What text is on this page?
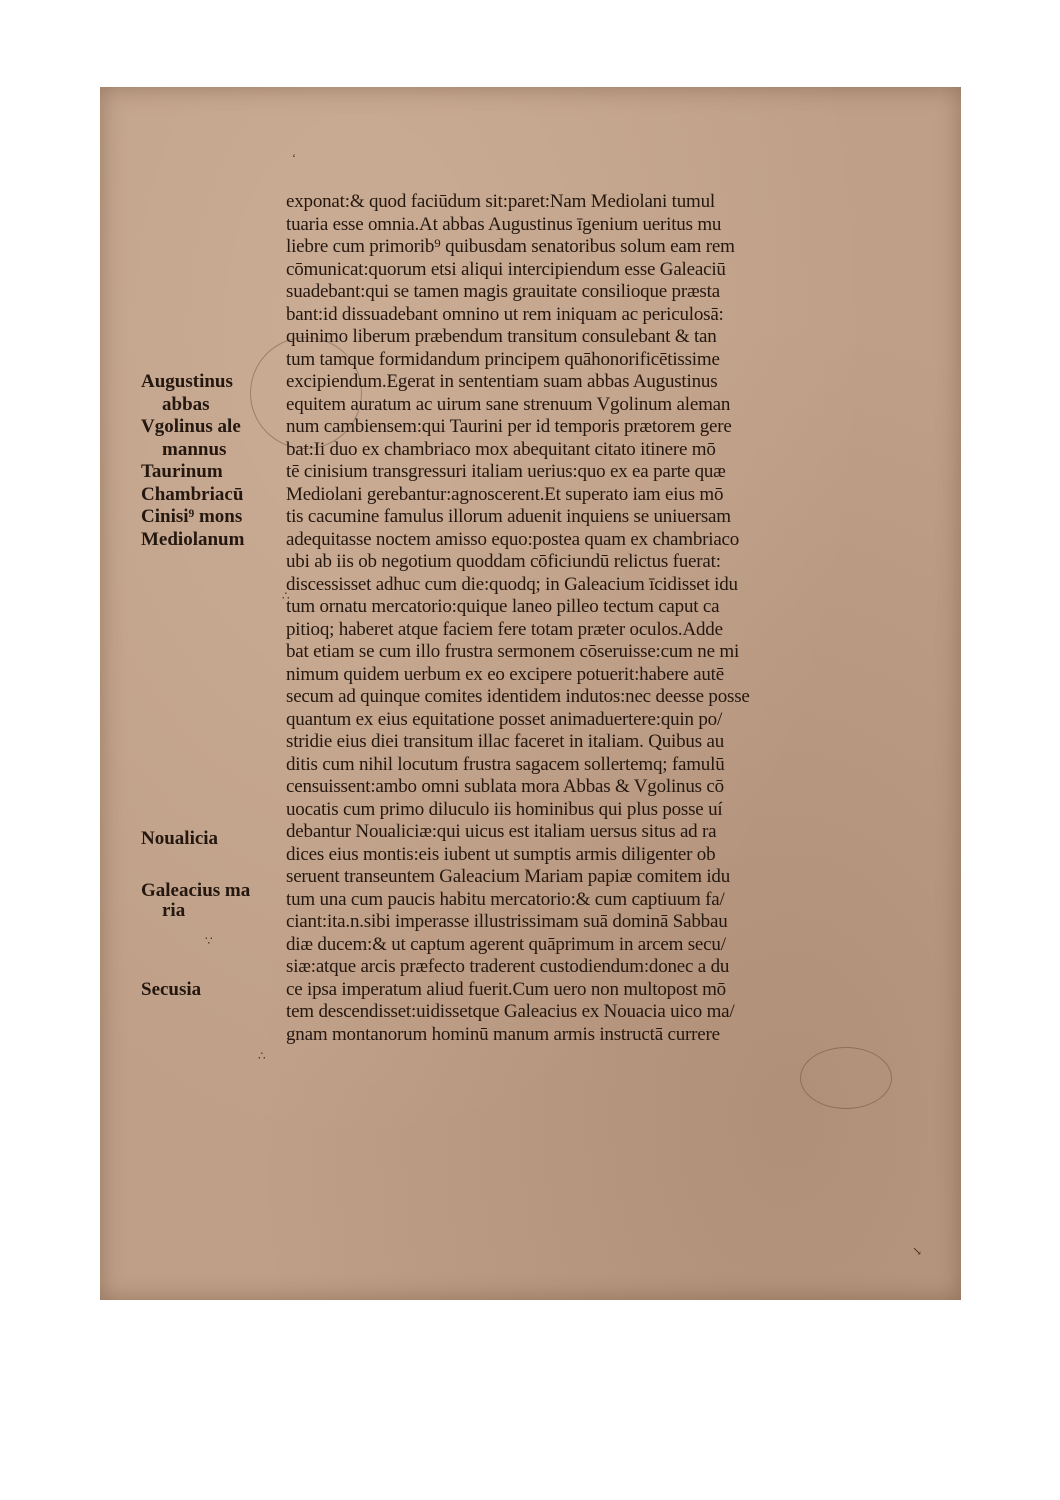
exponat:& quod faciūdum sit:paret:Nam Mediolani tumul
tuaria esse omnia.At abbas Augustinus īgenium ueritus mu
liebre cum primorib⁹ quibusdam senatoribus solum eam rem
cōmunicat:quorum etsi aliqui intercipiendum esse Galeaciū
suadebant:qui se tamen magis grauitate consilioque præsta
bant:id dissuadebant omnino ut rem iniquam ac periculosā:
quinimo liberum præbendum transitum consulebant & tan
tum tamque formidandum principem quāhonorificētissime
excipiendum.Egerat in sententiam suam abbas Augustinus
equitem auratum ac uirum sane strenuum Vgolinum aleman
num cambiensem:qui Taurini per id temporis prætorem gere
bat:Ii duo ex chambriaco mox abequitant citato itinere mō
tē cinisium transgressuri italiam uerius:quo ex ea parte quæ
Mediolani gerebantur:agnoscerent.Et superato iam eius mō
tis cacumine famulus illorum aduenit inquiens se uniuersam
adequitasse noctem amisso equo:postea quam ex chambriaco
ubi ab iis ob negotium quoddam cōficiundū relictus fuerat:
discessisset adhuc cum die:quodq; in Galeacium īcidisset idu
tum ornatu mercatorio:quique laneo pilleo tectum caput ca
pitioq; haberet atque faciem fere totam præter oculos.Adde
bat etiam se cum illo frustra sermonem cōseruisse:cum ne mi
nimum quidem uerbum ex eo excipere potuerit:habere autē
secum ad quinque comites identidem indutos:nec deesse posse
quantum ex eius equitatione posset animaduertere:quin po/
stridie eius diei transitum illac faceret in italiam. Quibus au
ditis cum nihil locutum frustra sagacem sollertemq; famulū
censuissent:ambo omni sublata mora Abbas & Vgolinus cō
uocatis cum primo diluculo iis hominibus qui plus posse uí
debantur Noualiciæ:qui uicus est italiam uersus situs ad ra
dices eius montis:eis iubent ut sumptis armis diligenter ob
seruent transeuntem Galeacium Mariam papiæ comitem idu
tum una cum paucis habitu mercatorio:& cum captiuum fa/
ciant:ita.n.sibi imperasse illustrissimam suā dominā Sabbau
diæ ducem:& ut captum agerent quāprimum in arcem secu/
siæ:atque arcis præfecto traderent custodiendum:donec a du
ce ipsa imperatum aliud fuerit.Cum uero non multopost mō
tem descendisset:uidissetque Galeacius ex Nouacia uico ma/
gnam montanorum hominū manum armis instructā currere
Augustinus
abbas
Vgolinus ale
mannus
Taurinum
Chambriacū
Cinisi⁹ mons
Mediolanum
Noualicia
Galeacius ma
ria
Secusia
ʻ
∴
∵
∴
↘
